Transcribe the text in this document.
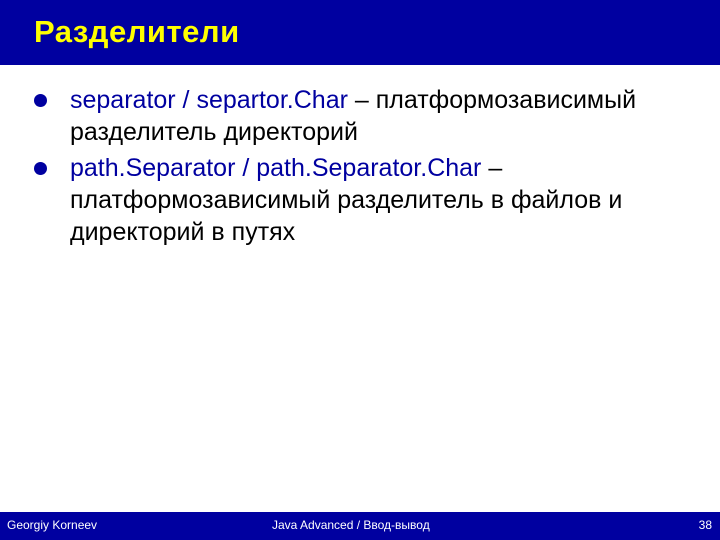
Разделители
separator / separtor.Char – платформозависимый разделитель директорий
path.Separator / path.Separator.Char – платформозависимый разделитель в файлов и директорий в путях
Georgiy Korneev	Java Advanced / Ввод-вывод	38
